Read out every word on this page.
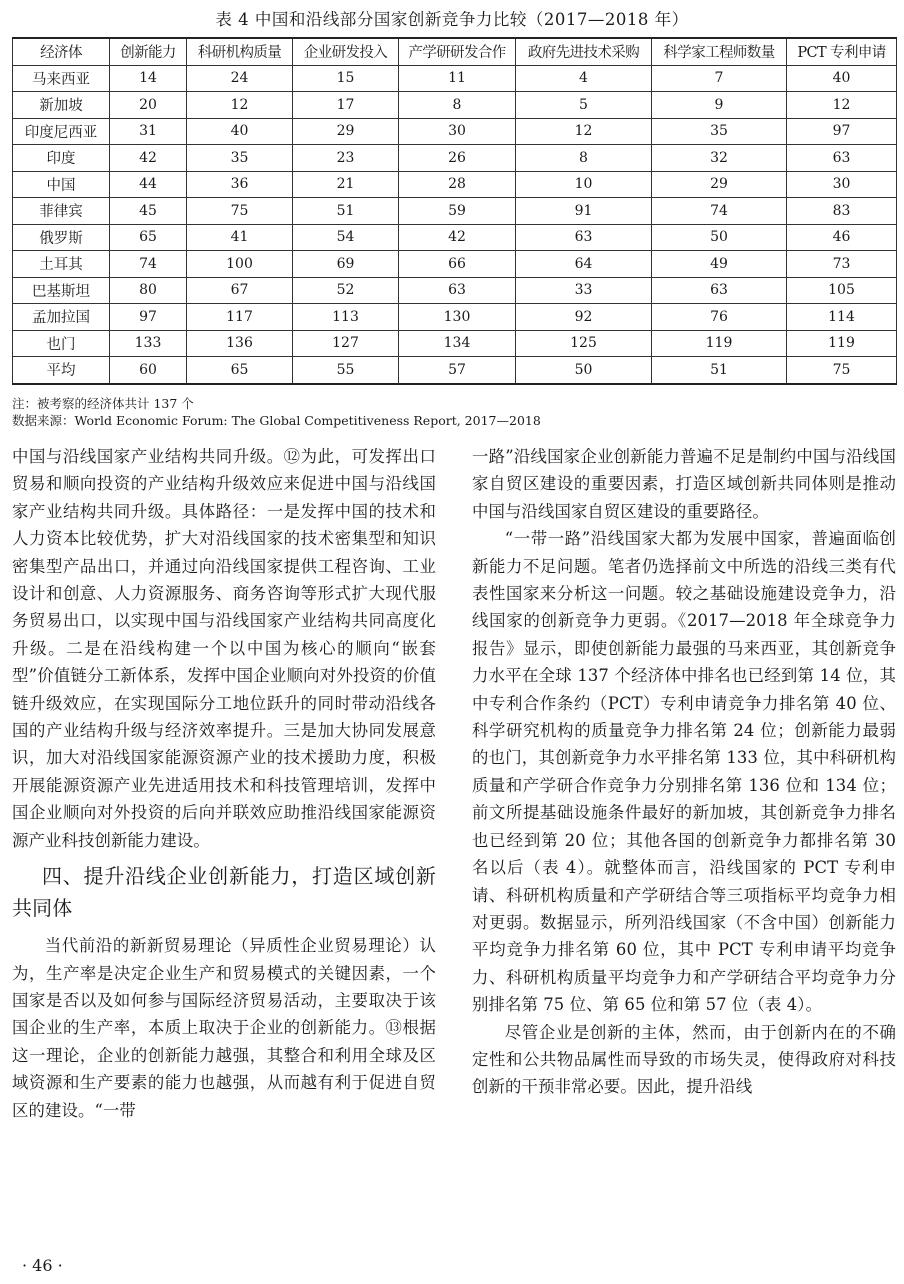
表 4 中国和沿线部分国家创新竞争力比较（2017—2018 年）
经济体	创新能力	科研机构质量	企业研发投入	产学研研发合作	政府先进技术采购	科学家工程师数量	PCT 专利申请
马来西亚	14	24	15	11	4	7	40
新加坡	20	12	17	8	5	9	12
印度尼西亚	31	40	29	30	12	35	97
印度	42	35	23	26	8	32	63
中国	44	36	21	28	10	29	30
菲律宾	45	75	51	59	91	74	83
俄罗斯	65	41	54	42	63	50	46
土耳其	74	100	69	66	64	49	73
巴基斯坦	80	67	52	63	33	63	105
孟加拉国	97	117	113	130	92	76	114
也门	133	136	127	134	125	119	119
平均	60	65	55	57	50	51	75
注：被考察的经济体共计 137 个
数据来源：World Economic Forum: The Global Competitiveness Report, 2017—2018

中国与沿线国家产业结构共同升级。⑫为此，可发挥出口贸易和顺向投资的产业结构升级效应来促进中国与沿线国家产业结构共同升级。具体路径：一是发挥中国的技术和人力资本比较优势，扩大对沿线国家的技术密集型和知识密集型产品出口，并通过向沿线国家提供工程咨询、工业设计和创意、人力资源服务、商务咨询等形式扩大现代服务贸易出口，以实现中国与沿线国家产业结构共同高度化升级。二是在沿线构建一个以中国为核心的顺向“嵌套型”价值链分工新体系，发挥中国企业顺向对外投资的价值链升级效应，在实现国际分工地位跃升的同时带动沿线各国的产业结构升级与经济效率提升。三是加大协同发展意识，加大对沿线国家能源资源产业的技术援助力度，积极开展能源资源产业先进适用技术和科技管理培训，发挥中国企业顺向对外投资的后向并联效应助推沿线国家能源资源产业科技创新能力建设。

四、提升沿线企业创新能力，打造区域创新共同体

当代前沿的新新贸易理论（异质性企业贸易理论）认为，生产率是决定企业生产和贸易模式的关键因素，一个国家是否以及如何参与国际经济贸易活动，主要取决于该国企业的生产率，本质上取决于企业的创新能力。⑬根据这一理论，企业的创新能力越强，其整合和利用全球及区域资源和生产要素的能力也越强，从而越有利于促进自贸区的建设。“一带

一路”沿线国家企业创新能力普遍不足是制约中国与沿线国家自贸区建设的重要因素，打造区域创新共同体则是推动中国与沿线国家自贸区建设的重要路径。

“一带一路”沿线国家大都为发展中国家，普遍面临创新能力不足问题。笔者仍选择前文中所选的沿线三类有代表性国家来分析这一问题。较之基础设施建设竞争力，沿线国家的创新竞争力更弱。《2017—2018 年全球竞争力报告》显示，即使创新能力最强的马来西亚，其创新竞争力水平在全球 137 个经济体中排名也已经到第 14 位，其中专利合作条约（PCT）专利申请竞争力排名第 40 位、科学研究机构的质量竞争力排名第 24 位；创新能力最弱的也门，其创新竞争力水平排名第 133 位，其中科研机构质量和产学研合作竞争力分别排名第 136 位和 134 位；前文所提基础设施条件最好的新加坡，其创新竞争力排名也已经到第 20 位；其他各国的创新竞争力都排名第 30 名以后（表 4）。就整体而言，沿线国家的 PCT 专利申请、科研机构质量和产学研结合等三项指标平均竞争力相对更弱。数据显示，所列沿线国家（不含中国）创新能力平均竞争力排名第 60 位，其中 PCT 专利申请平均竞争力、科研机构质量平均竞争力和产学研结合平均竞争力分别排名第 75 位、第 65 位和第 57 位（表 4）。

尽管企业是创新的主体，然而，由于创新内在的不确定性和公共物品属性而导致的市场失灵，使得政府对科技创新的干预非常必要。因此，提升沿线

· 46 ·
